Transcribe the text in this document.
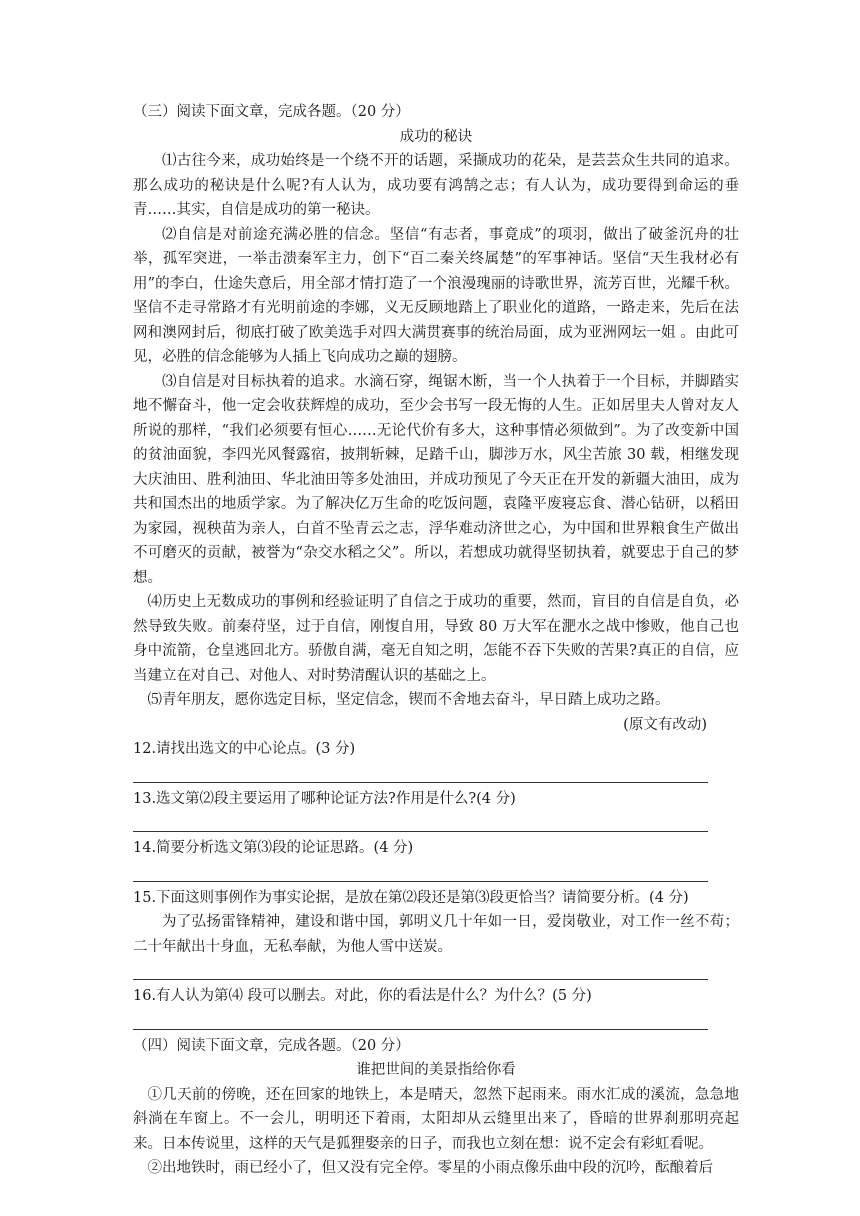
（三）阅读下面文章，完成各题。（20 分）

成功的秘诀

⑴古往今来，成功始终是一个绕不开的话题，采撷成功的花朵，是芸芸众生共同的追求。那么成功的秘诀是什么呢?有人认为，成功要有鸿鹄之志；有人认为，成功要得到命运的垂青……其实，自信是成功的第一秘诀。

⑵自信是对前途充满必胜的信念。坚信“有志者，事竟成”的项羽，做出了破釜沉舟的壮举，孤军突进，一举击溃秦军主力，创下“百二秦关终属楚”的军事神话。坚信“天生我材必有用”的李白，仕途失意后，用全部才情打造了一个浪漫瑰丽的诗歌世界，流芳百世，光耀千秋。坚信不走寻常路才有光明前途的李娜，义无反顾地踏上了职业化的道路，一路走来，先后在法网和澳网封后，彻底打破了欧美选手对四大满贯赛事的统治局面，成为亚洲网坛一姐 。由此可见，必胜的信念能够为人插上飞向成功之巅的翅膀。

⑶自信是对目标执着的追求。水滴石穿，绳锯木断，当一个人执着于一个目标，并脚踏实地不懈奋斗，他一定会收获辉煌的成功，至少会书写一段无悔的人生。正如居里夫人曾对友人所说的那样，“我们必须要有恒心……无论代价有多大，这种事情必须做到”。为了改变新中国的贫油面貌，李四光风餐露宿，披荆斩棘，足踏千山，脚涉万水，风尘苦旅 30 载，相继发现大庆油田、胜利油田、华北油田等多处油田，并成功预见了今天正在开发的新疆大油田，成为共和国杰出的地质学家。为了解决亿万生命的吃饭问题，袁隆平废寝忘食、潜心钻研，以稻田为家园，视秧苗为亲人，白首不坠青云之志，浮华难动济世之心，为中国和世界粮食生产做出不可磨灭的贡献，被誉为“杂交水稻之父”。所以，若想成功就得坚韧执着，就要忠于自己的梦想。

⑷历史上无数成功的事例和经验证明了自信之于成功的重要，然而，盲目的自信是自负，必然导致失败。前秦苻坚，过于自信，刚愎自用，导致 80 万大军在淝水之战中惨败，他自己也身中流箭，仓皇逃回北方。骄傲自满，毫无自知之明，怎能不吞下失败的苦果?真正的自信，应当建立在对自己、对他人、对时势清醒认识的基础之上。

⑸青年朋友，愿你选定目标，坚定信念，锲而不舍地去奋斗，早日踏上成功之路。

(原文有改动)

12.请找出选文的中心论点。(3 分)

13.选文第⑵段主要运用了哪种论证方法?作用是什么?(4 分)

14.简要分析选文第⑶段的论证思路。(4 分)

15.下面这则事例作为事实论据，是放在第⑵段还是第⑶段更恰当？请简要分析。(4 分)

为了弘扬雷锋精神，建设和谐中国，郭明义几十年如一日，爱岗敬业，对工作一丝不苟；二十年献出十身血，无私奉献，为他人雪中送炭。

16.有人认为第⑷ 段可以删去。对此，你的看法是什么？为什么？(5 分)

（四）阅读下面文章，完成各题。（20 分）

谁把世间的美景指给你看

①几天前的傍晚，还在回家的地铁上，本是晴天，忽然下起雨来。雨水汇成的溪流，急急地斜淌在车窗上。不一会儿，明明还下着雨，太阳却从云缝里出来了，昏暗的世界刹那明亮起来。日本传说里，这样的天气是狐狸娶亲的日子，而我也立刻在想：说不定会有彩虹看呢。

②出地铁时，雨已经小了，但又没有完全停。零星的小雨点像乐曲中段的沉吟，酝酿着后
